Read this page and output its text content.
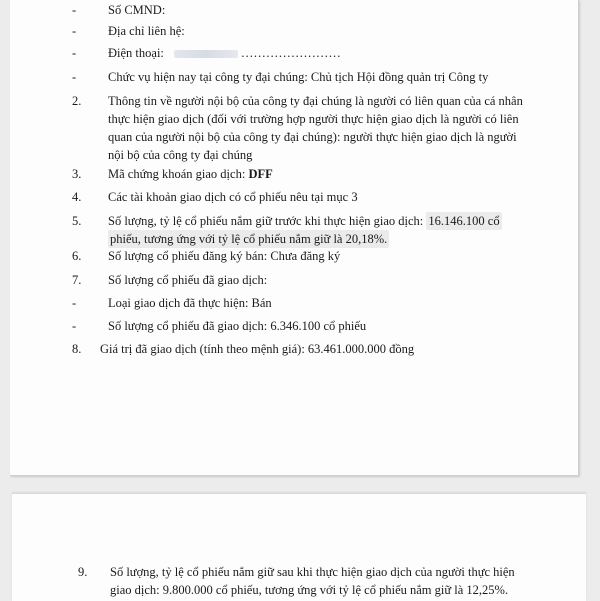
-	Số CMND:
-	Địa chỉ liên hệ:
-	Điện thoại:	……………………
-	Chức vụ hiện nay tại công ty đại chúng: Chủ tịch Hội đồng quản trị Công ty
2. Thông tin về người nội bộ của công ty đại chúng là người có liên quan của cá nhân
thực hiện giao dịch (đối với trường hợp người thực hiện giao dịch là người có liên
quan của người nội bộ của công ty đại chúng): người thực hiện giao dịch là người
nội bộ của công ty đại chúng
3. Mã chứng khoán giao dịch: DFF
4. Các tài khoản giao dịch có cổ phiếu nêu tại mục 3
5. Số lượng, tỷ lệ cổ phiếu nắm giữ trước khi thực hiện giao dịch: 16.146.100 cổ
phiếu, tương ứng với tỷ lệ cổ phiếu nắm giữ là 20,18%.
6. Số lượng cổ phiếu đăng ký bán: Chưa đăng ký
7. Số lượng cổ phiếu đã giao dịch:
-	Loại giao dịch đã thực hiện: Bán
-	Số lượng cổ phiếu đã giao dịch: 6.346.100 cổ phiếu
8. Giá trị đã giao dịch (tính theo mệnh giá): 63.461.000.000 đồng
9. Số lượng, tỷ lệ cổ phiếu nắm giữ sau khi thực hiện giao dịch của người thực hiện
giao dịch: 9.800.000 cổ phiếu, tương ứng với tỷ lệ cổ phiếu nắm giữ là 12,25%.
